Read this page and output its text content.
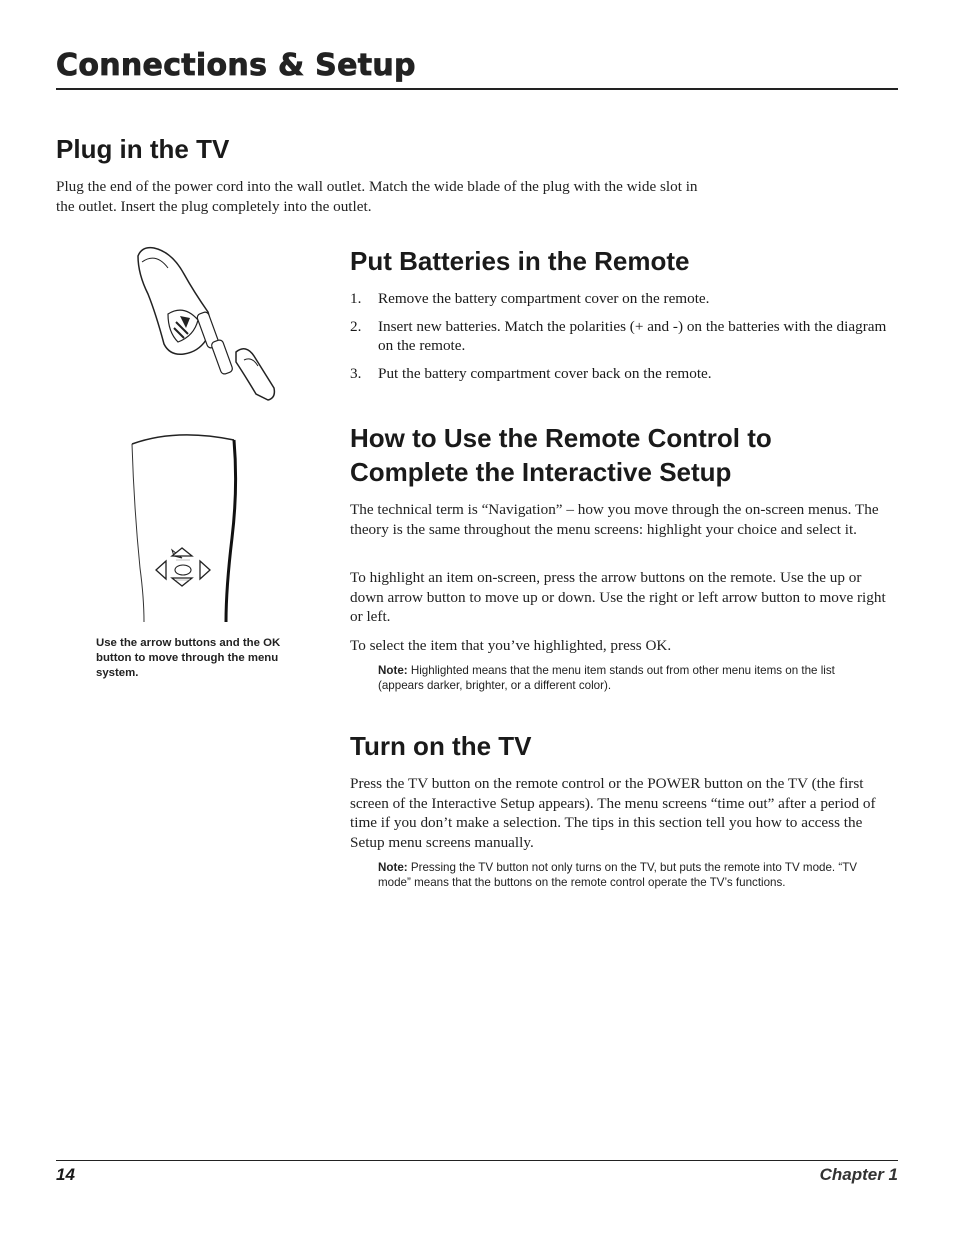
Connections & Setup
Plug in the TV

Plug the end of the power cord into the wall outlet. Match the wide blade of the plug with the wide slot in the outlet. Insert the plug completely into the outlet.

Put Batteries in the Remote
1. Remove the battery compartment cover on the remote.
2. Insert new batteries. Match the polarities (+ and -) on the batteries with the diagram on the remote.
3. Put the battery compartment cover back on the remote.
Use the arrow buttons and the OK button to move through the menu system.
How to Use the Remote Control to
Complete the Interactive Setup

The technical term is “Navigation” – how you move through the on-screen menus. The theory is the same throughout the menu screens: highlight your choice and select it.

To highlight an item on-screen, press the arrow buttons on the remote. Use the up or down arrow button to move up or down. Use the right or left arrow button to move right or left.

To select the item that you’ve highlighted, press OK.

Note: Highlighted means that the menu item stands out from other menu items on the list (appears darker, brighter, or a different color).
Turn on the TV

Press the TV button on the remote control or the POWER button on the TV (the first screen of the Interactive Setup appears). The menu screens “time out” after a period of time if you don’t make a selection. The tips in this section tell you how to access the Setup menu screens manually.

Note: Pressing the TV button not only turns on the TV, but puts the remote into TV mode. “TV mode” means that the buttons on the remote control operate the TV’s functions.
14	Chapter 1
